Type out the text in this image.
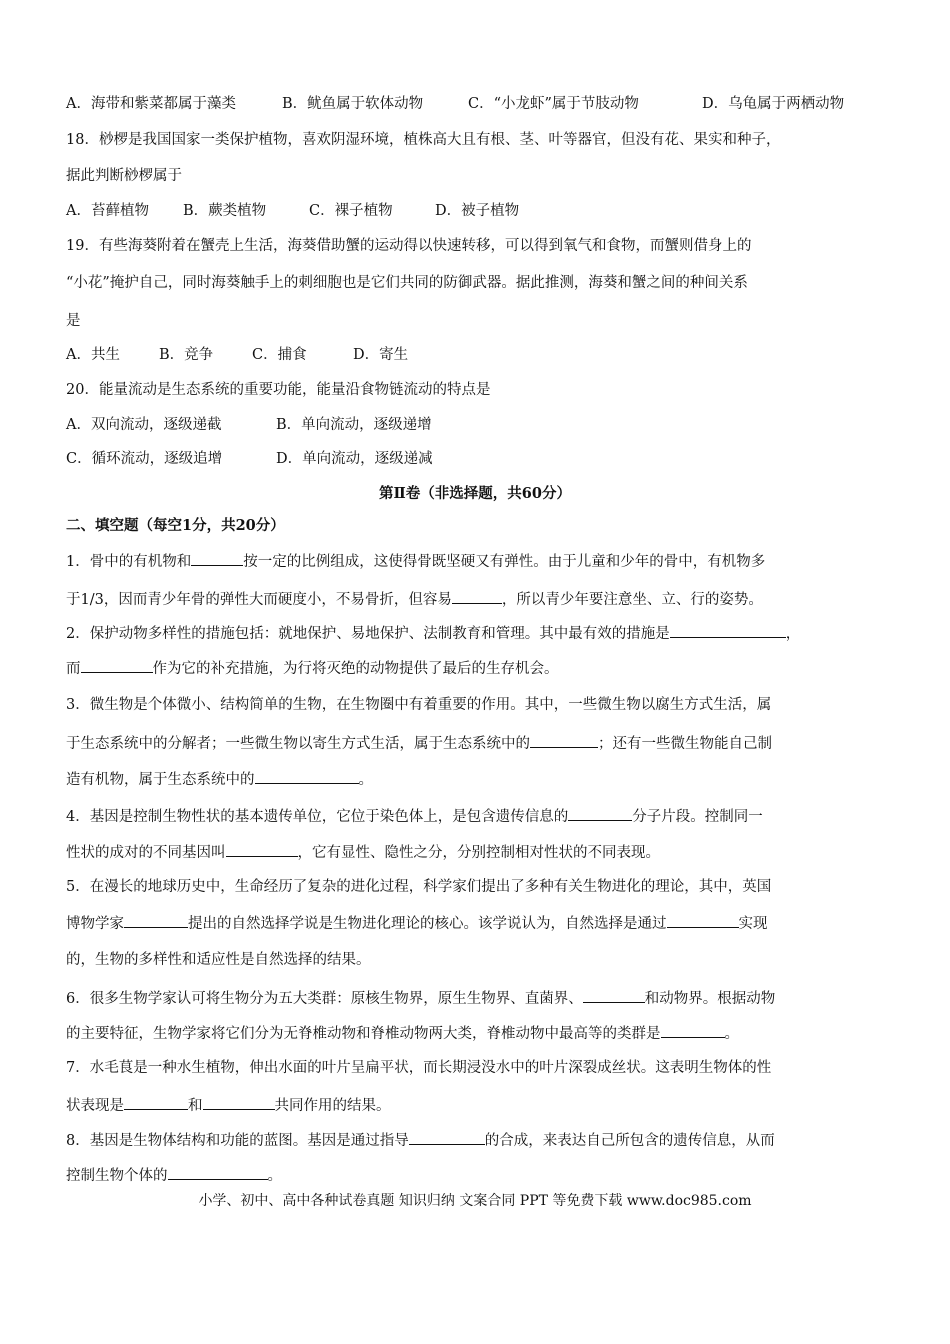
A．海带和紫菜都属于藻类	B．鱿鱼属于软体动物	C．“小龙虾”属于节肢动物	D．乌龟属于两栖动物
18．桫椤是我国国家一类保护植物，喜欢阴湿环境，植株高大且有根、茎、叶等器官，但没有花、果实和种子，
据此判断桫椤属于
A．苔藓植物 B．蕨类植物	C．裸子植物	D．被子植物
19．有些海葵附着在蟹壳上生活，海葵借助蟹的运动得以快速转移，可以得到氧气和食物，而蟹则借身上的
“小花”掩护自己，同时海葵触手上的刺细胞也是它们共同的防御武器。据此推测，海葵和蟹之间的种间关系
是
A．共生	B．竞争	C．捕食	D．寄生
20．能量流动是生态系统的重要功能，能量沿食物链流动的特点是
A．双向流动，逐级递截	B．单向流动，逐级递增
C．循环流动，逐级追增	D．单向流动，逐级递减
第Ⅱ卷（非选择题，共60分）
二、填空题（每空1分，共20分）
1．骨中的有机物和	按一定的比例组成，这使得骨既坚硬又有弹性。由于儿童和少年的骨中，有机物多
于1/3，因而青少年骨的弹性大而硬度小，不易骨折，但容易	，所以青少年要注意坐、立、行的姿势。
2．保护动物多样性的措施包括：就地保护、易地保护、法制教育和管理。其中最有效的措施是	，
而	作为它的补充措施，为行将灭绝的动物提供了最后的生存机会。
3．微生物是个体微小、结构简单的生物，在生物圈中有着重要的作用。其中，一些微生物以腐生方式生活，属
于生态系统中的分解者；一些微生物以寄生方式生活，属于生态系统中的	；还有一些微生物能自己制
造有机物，属于生态系统中的	。
4．基因是控制生物性状的基本遗传单位，它位于染色体上，是包含遗传信息的	分子片段。控制同一
性状的成对的不同基因叫	，它有显性、隐性之分，分别控制相对性状的不同表现。
5．在漫长的地球历史中，生命经历了复杂的进化过程，科学家们提出了多种有关生物进化的理论，其中，英国
博物学家	提出的自然选择学说是生物进化理论的核心。该学说认为，自然选择是通过	实现
的，生物的多样性和适应性是自然选择的结果。
6．很多生物学家认可将生物分为五大类群：原核生物界，原生生物界、直菌界、	和动物界。根据动物
的主要特征，生物学家将它们分为无脊椎动物和脊椎动物两大类，脊椎动物中最高等的类群是	。
7．水毛茛是一种水生植物，伸出水面的叶片呈扁平状，而长期浸没水中的叶片深裂成丝状。这表明生物体的性
状表现是	和	共同作用的结果。
8．基因是生物体结构和功能的蓝图。基因是通过指导	的合成，来表达自己所包含的遗传信息，从而
控制生物个体的	。
小学、初中、高中各种试卷真题 知识归纳 文案合同 PPT 等免费下载 www.doc985.com
